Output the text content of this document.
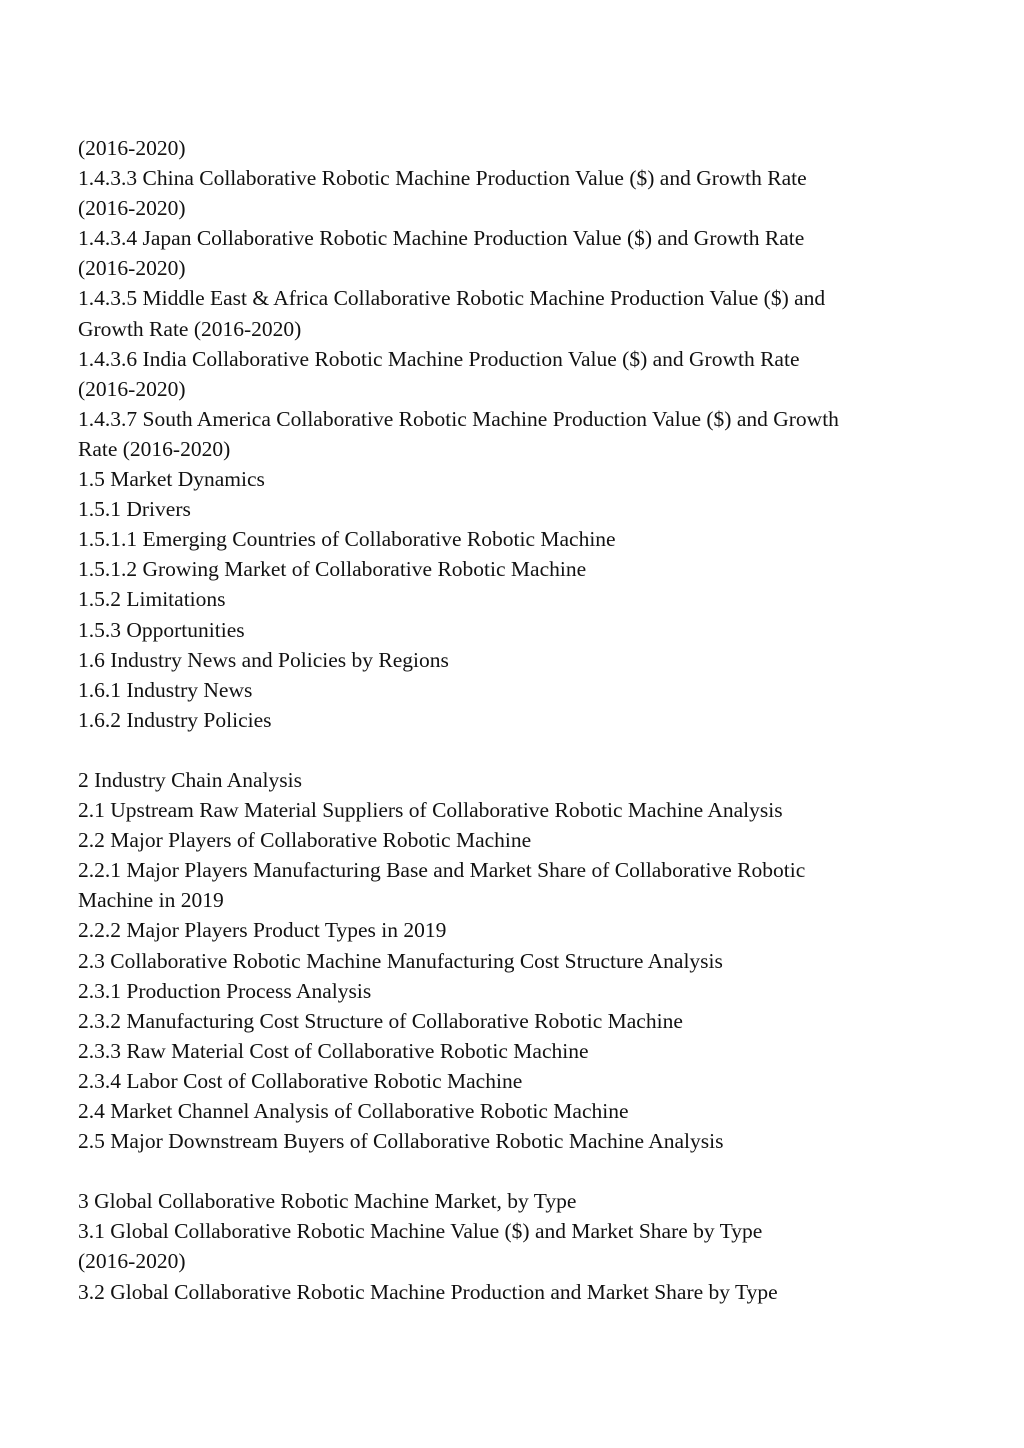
(2016-2020)
1.4.3.3 China Collaborative Robotic Machine Production Value ($) and Growth Rate
(2016-2020)
1.4.3.4 Japan Collaborative Robotic Machine Production Value ($) and Growth Rate
(2016-2020)
1.4.3.5 Middle East & Africa Collaborative Robotic Machine Production Value ($) and
Growth Rate (2016-2020)
1.4.3.6 India Collaborative Robotic Machine Production Value ($) and Growth Rate
(2016-2020)
1.4.3.7 South America Collaborative Robotic Machine Production Value ($) and Growth
Rate (2016-2020)
1.5 Market Dynamics
1.5.1 Drivers
1.5.1.1 Emerging Countries of Collaborative Robotic Machine
1.5.1.2 Growing Market of Collaborative Robotic Machine
1.5.2 Limitations
1.5.3 Opportunities
1.6 Industry News and Policies by Regions
1.6.1 Industry News
1.6.2 Industry Policies
2 Industry Chain Analysis
2.1 Upstream Raw Material Suppliers of Collaborative Robotic Machine Analysis
2.2 Major Players of Collaborative Robotic Machine
2.2.1 Major Players Manufacturing Base and Market Share of Collaborative Robotic
Machine in 2019
2.2.2 Major Players Product Types in 2019
2.3 Collaborative Robotic Machine Manufacturing Cost Structure Analysis
2.3.1 Production Process Analysis
2.3.2 Manufacturing Cost Structure of Collaborative Robotic Machine
2.3.3 Raw Material Cost of Collaborative Robotic Machine
2.3.4 Labor Cost of Collaborative Robotic Machine
2.4 Market Channel Analysis of Collaborative Robotic Machine
2.5 Major Downstream Buyers of Collaborative Robotic Machine Analysis
3 Global Collaborative Robotic Machine Market, by Type
3.1 Global Collaborative Robotic Machine Value ($) and Market Share by Type
(2016-2020)
3.2 Global Collaborative Robotic Machine Production and Market Share by Type
